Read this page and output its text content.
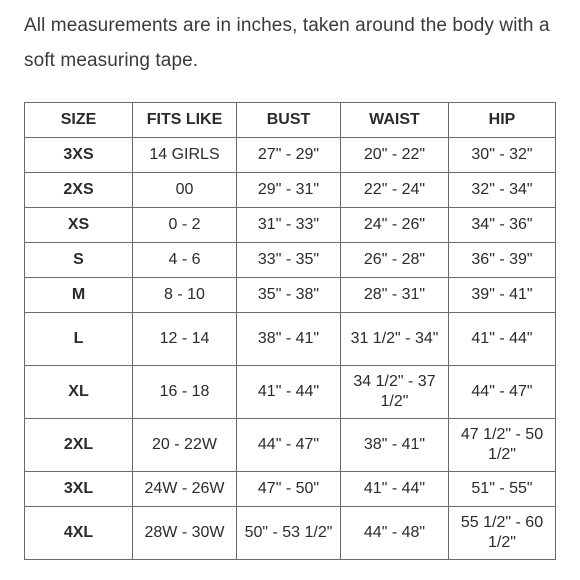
All measurements are in inches, taken around the body with a soft measuring tape.

SIZE	FITS LIKE	BUST	WAIST	HIP
3XS	14 GIRLS	27" - 29"	20" - 22"	30" - 32"
2XS	00	29" - 31"	22" - 24"	32" - 34"
XS	0 - 2	31" - 33"	24" - 26"	34" - 36"
S	4 - 6	33" - 35"	26" - 28"	36" - 39"
M	8 - 10	35" - 38"	28" - 31"	39" - 41"
L	12 - 14	38" - 41"	31 1/2" - 34"	41" - 44"
XL	16 - 18	41" - 44"	34 1/2" - 37 1/2"	44" - 47"
2XL	20 - 22W	44" - 47"	38" - 41"	47 1/2" - 50 1/2"
3XL	24W - 26W	47" - 50"	41" - 44"	51" - 55"
4XL	28W - 30W	50" - 53 1/2"	44" - 48"	55 1/2" - 60 1/2"
